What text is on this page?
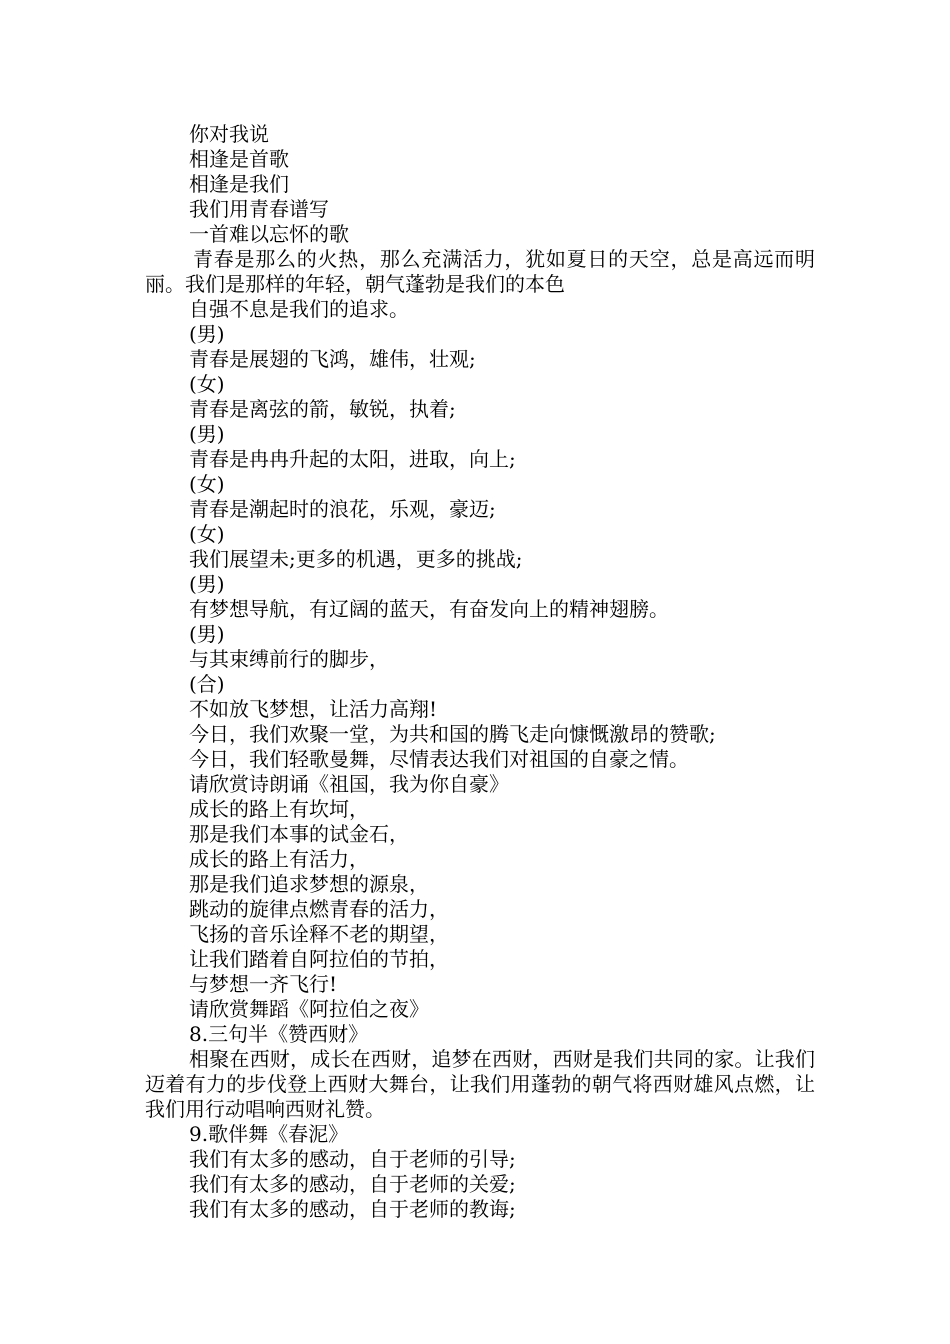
你对我说
相逢是首歌
相逢是我们
我们用青春谱写
一首难以忘怀的歌

青春是那么的火热，那么充满活力，犹如夏日的天空，总是高远而明丽。我们是那样的年轻，朝气蓬勃是我们的本色

自强不息是我们的追求。
(男)
青春是展翅的飞鸿，雄伟，壮观;
(女)
青春是离弦的箭，敏锐，执着;
(男)
青春是冉冉升起的太阳，进取，向上;
(女)
青春是潮起时的浪花，乐观，豪迈;
(女)
我们展望未;更多的机遇，更多的挑战;
(男)
有梦想导航，有辽阔的蓝天，有奋发向上的精神翅膀。
(男)
与其束缚前行的脚步，
(合)
不如放飞梦想，让活力高翔!
今日，我们欢聚一堂，为共和国的腾飞走向慷慨激昂的赞歌;
今日，我们轻歌曼舞，尽情表达我们对祖国的自豪之情。
请欣赏诗朗诵《祖国，我为你自豪》
成长的路上有坎坷，
那是我们本事的试金石，
成长的路上有活力，
那是我们追求梦想的源泉，
跳动的旋律点燃青春的活力，
飞扬的音乐诠释不老的期望，
让我们踏着自阿拉伯的节拍，
与梦想一齐飞行!
请欣赏舞蹈《阿拉伯之夜》
8.三句半《赞西财》

相聚在西财，成长在西财，追梦在西财，西财是我们共同的家。让我们迈着有力的步伐登上西财大舞台，让我们用蓬勃的朝气将西财雄风点燃，让我们用行动唱响西财礼赞。

9.歌伴舞《春泥》
我们有太多的感动，自于老师的引导;
我们有太多的感动，自于老师的关爱;
我们有太多的感动，自于老师的教诲;
